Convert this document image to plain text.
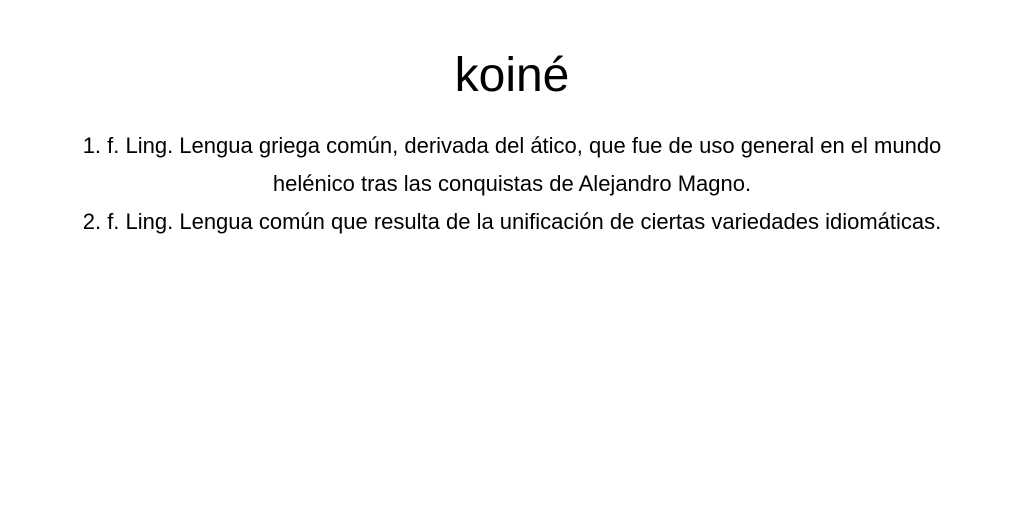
koiné
1. f. Ling. Lengua griega común, derivada del ático, que fue de uso general en el mundo helénico tras las conquistas de Alejandro Magno.
2. f. Ling. Lengua común que resulta de la unificación de ciertas variedades idiomáticas.
